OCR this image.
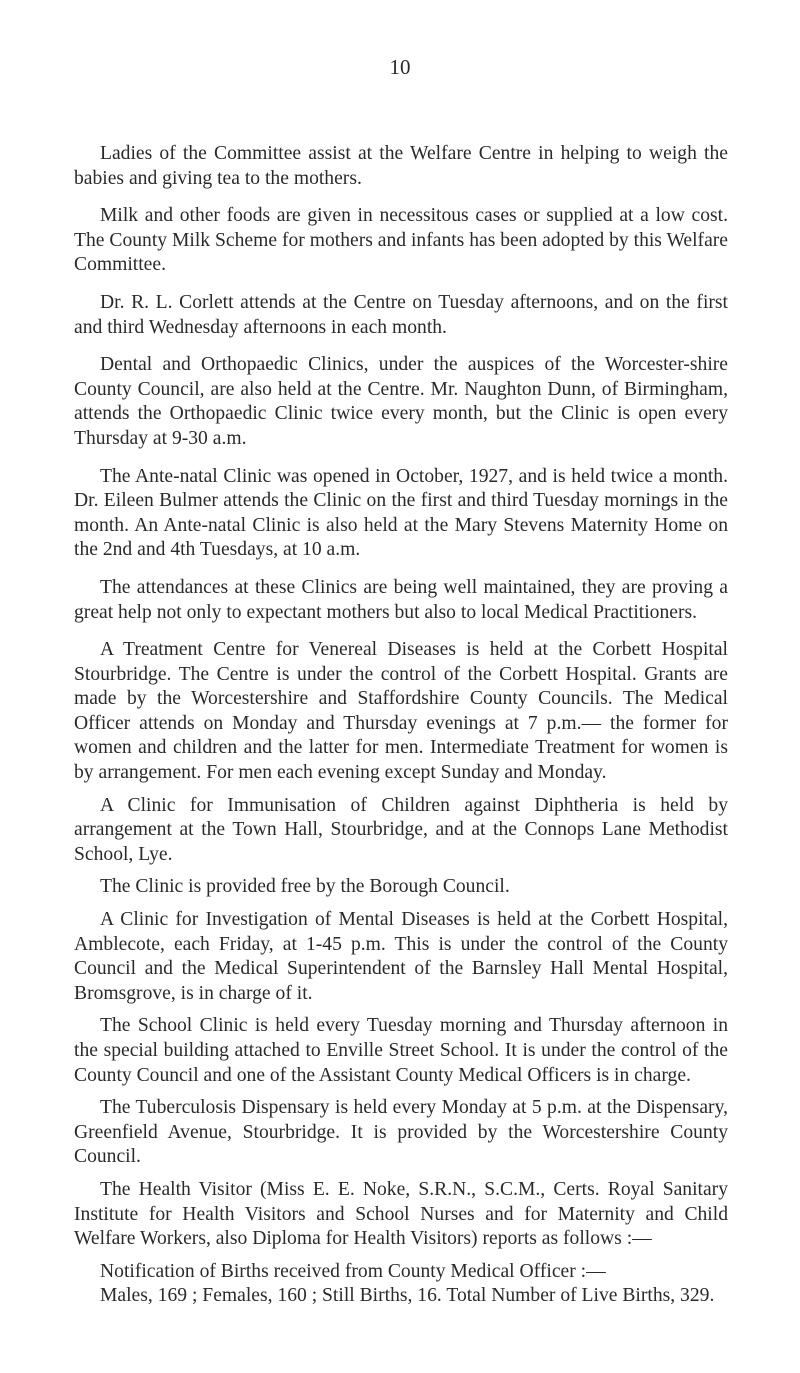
10

Ladies of the Committee assist at the Welfare Centre in helping to weigh the babies and giving tea to the mothers.

Milk and other foods are given in necessitous cases or supplied at a low cost. The County Milk Scheme for mothers and infants has been adopted by this Welfare Committee.

Dr. R. L. Corlett attends at the Centre on Tuesday afternoons, and on the first and third Wednesday afternoons in each month.

Dental and Orthopaedic Clinics, under the auspices of the Worcester-shire County Council, are also held at the Centre. Mr. Naughton Dunn, of Birmingham, attends the Orthopaedic Clinic twice every month, but the Clinic is open every Thursday at 9-30 a.m.

The Ante-natal Clinic was opened in October, 1927, and is held twice a month. Dr. Eileen Bulmer attends the Clinic on the first and third Tuesday mornings in the month. An Ante-natal Clinic is also held at the Mary Stevens Maternity Home on the 2nd and 4th Tuesdays, at 10 a.m.

The attendances at these Clinics are being well maintained, they are proving a great help not only to expectant mothers but also to local Medical Practitioners.

A Treatment Centre for Venereal Diseases is held at the Corbett Hospital Stourbridge. The Centre is under the control of the Corbett Hospital. Grants are made by the Worcestershire and Staffordshire County Councils. The Medical Officer attends on Monday and Thursday evenings at 7 p.m.— the former for women and children and the latter for men. Intermediate Treatment for women is by arrangement. For men each evening except Sunday and Monday.

A Clinic for Immunisation of Children against Diphtheria is held by arrangement at the Town Hall, Stourbridge, and at the Connops Lane Methodist School, Lye.

The Clinic is provided free by the Borough Council.

A Clinic for Investigation of Mental Diseases is held at the Corbett Hospital, Amblecote, each Friday, at 1-45 p.m. This is under the control of the County Council and the Medical Superintendent of the Barnsley Hall Mental Hospital, Bromsgrove, is in charge of it.

The School Clinic is held every Tuesday morning and Thursday afternoon in the special building attached to Enville Street School. It is under the control of the County Council and one of the Assistant County Medical Officers is in charge.

The Tuberculosis Dispensary is held every Monday at 5 p.m. at the Dispensary, Greenfield Avenue, Stourbridge. It is provided by the Worcestershire County Council.

The Health Visitor (Miss E. E. Noke, S.R.N., S.C.M., Certs. Royal Sanitary Institute for Health Visitors and School Nurses and for Maternity and Child Welfare Workers, also Diploma for Health Visitors) reports as follows :—

Notification of Births received from County Medical Officer :—

Males, 169 ; Females, 160 ; Still Births, 16. Total Number of Live Births, 329.
